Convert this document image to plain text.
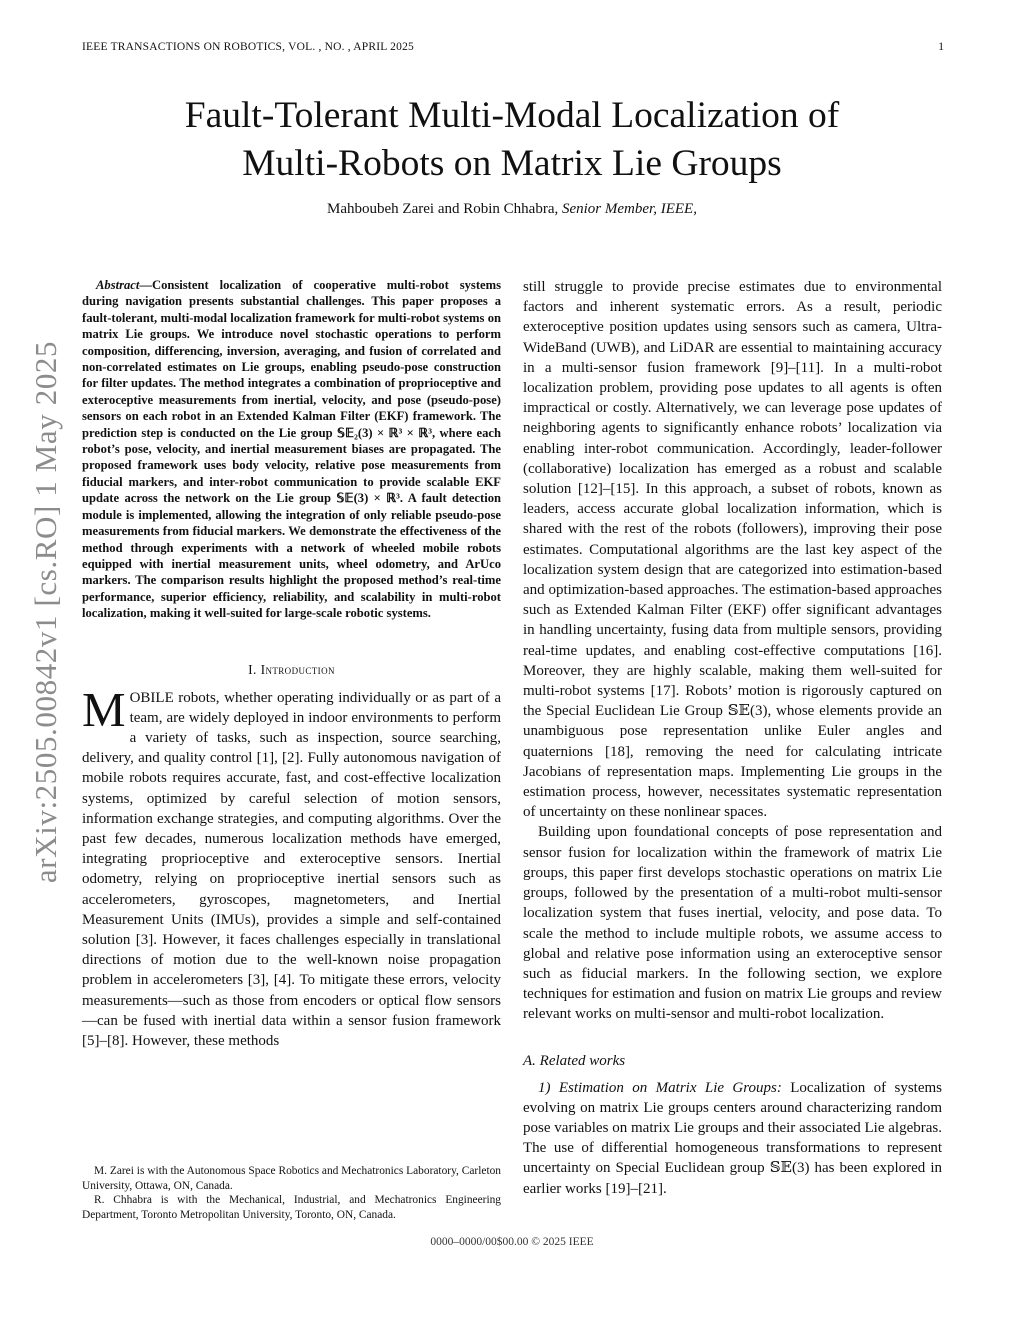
IEEE TRANSACTIONS ON ROBOTICS, VOL. , NO. , APRIL 2025	1
arXiv:2505.00842v1 [cs.RO] 1 May 2025
Fault-Tolerant Multi-Modal Localization of
Multi-Robots on Matrix Lie Groups
Mahboubeh Zarei and Robin Chhabra, Senior Member, IEEE,

Abstract—Consistent localization of cooperative multi-robot systems during navigation presents substantial challenges. This paper proposes a fault-tolerant, multi-modal localization framework for multi-robot systems on matrix Lie groups. We introduce novel stochastic operations to perform composition, differencing, inversion, averaging, and fusion of correlated and non-correlated estimates on Lie groups, enabling pseudo-pose construction for filter updates. The method integrates a combination of proprioceptive and exteroceptive measurements from inertial, velocity, and pose (pseudo-pose) sensors on each robot in an Extended Kalman Filter (EKF) framework. The prediction step is conducted on the Lie group 𝕊𝔼₂(3) × ℝ³ × ℝ³, where each robot’s pose, velocity, and inertial measurement biases are propagated. The proposed framework uses body velocity, relative pose measurements from fiducial markers, and inter-robot communication to provide scalable EKF update across the network on the Lie group 𝕊𝔼(3) × ℝ³. A fault detection module is implemented, allowing the integration of only reliable pseudo-pose measurements from fiducial markers. We demonstrate the effectiveness of the method through experiments with a network of wheeled mobile robots equipped with inertial measurement units, wheel odometry, and ArUco markers. The comparison results highlight the proposed method’s real-time performance, superior efficiency, reliability, and scalability in multi-robot localization, making it well-suited for large-scale robotic systems.

I. Introduction

MOBILE robots, whether operating individually or as part of a team, are widely deployed in indoor environments to perform a variety of tasks, such as inspection, source searching, delivery, and quality control [1], [2]. Fully autonomous navigation of mobile robots requires accurate, fast, and cost-effective localization systems, optimized by careful selection of motion sensors, information exchange strategies, and computing algorithms. Over the past few decades, numerous localization methods have emerged, integrating proprioceptive and exteroceptive sensors. Inertial odometry, relying on proprioceptive inertial sensors such as accelerometers, gyroscopes, magnetometers, and Inertial Measurement Units (IMUs), provides a simple and self-contained solution [3]. However, it faces challenges especially in translational directions of motion due to the well-known noise propagation problem in accelerometers [3], [4]. To mitigate these errors, velocity measurements—such as those from encoders or optical flow sensors—can be fused with inertial data within a sensor fusion framework [5]–[8]. However, these methods

M. Zarei is with the Autonomous Space Robotics and Mechatronics Laboratory, Carleton University, Ottawa, ON, Canada.

R. Chhabra is with the Mechanical, Industrial, and Mechatronics Engineering Department, Toronto Metropolitan University, Toronto, ON, Canada.

still struggle to provide precise estimates due to environmental factors and inherent systematic errors. As a result, periodic exteroceptive position updates using sensors such as camera, Ultra-WideBand (UWB), and LiDAR are essential to maintaining accuracy in a multi-sensor fusion framework [9]–[11]. In a multi-robot localization problem, providing pose updates to all agents is often impractical or costly. Alternatively, we can leverage pose updates of neighboring agents to significantly enhance robots’ localization via enabling inter-robot communication. Accordingly, leader-follower (collaborative) localization has emerged as a robust and scalable solution [12]–[15]. In this approach, a subset of robots, known as leaders, access accurate global localization information, which is shared with the rest of the robots (followers), improving their pose estimates. Computational algorithms are the last key aspect of the localization system design that are categorized into estimation-based and optimization-based approaches. The estimation-based approaches such as Extended Kalman Filter (EKF) offer significant advantages in handling uncertainty, fusing data from multiple sensors, providing real-time updates, and enabling cost-effective computations [16]. Moreover, they are highly scalable, making them well-suited for multi-robot systems [17]. Robots’ motion is rigorously captured on the Special Euclidean Lie Group 𝕊𝔼(3), whose elements provide an unambiguous pose representation unlike Euler angles and quaternions [18], removing the need for calculating intricate Jacobians of representation maps. Implementing Lie groups in the estimation process, however, necessitates systematic representation of uncertainty on these nonlinear spaces.

Building upon foundational concepts of pose representation and sensor fusion for localization within the framework of matrix Lie groups, this paper first develops stochastic operations on matrix Lie groups, followed by the presentation of a multi-robot multi-sensor localization system that fuses inertial, velocity, and pose data. To scale the method to include multiple robots, we assume access to global and relative pose information using an exteroceptive sensor such as fiducial markers. In the following section, we explore techniques for estimation and fusion on matrix Lie groups and review relevant works on multi-sensor and multi-robot localization.

A. Related works

1) Estimation on Matrix Lie Groups: Localization of systems evolving on matrix Lie groups centers around characterizing random pose variables on matrix Lie groups and their associated Lie algebras. The use of differential homogeneous transformations to represent uncertainty on Special Euclidean group 𝕊𝔼(3) has been explored in earlier works [19]–[21].

0000–0000/00$00.00 © 2025 IEEE
